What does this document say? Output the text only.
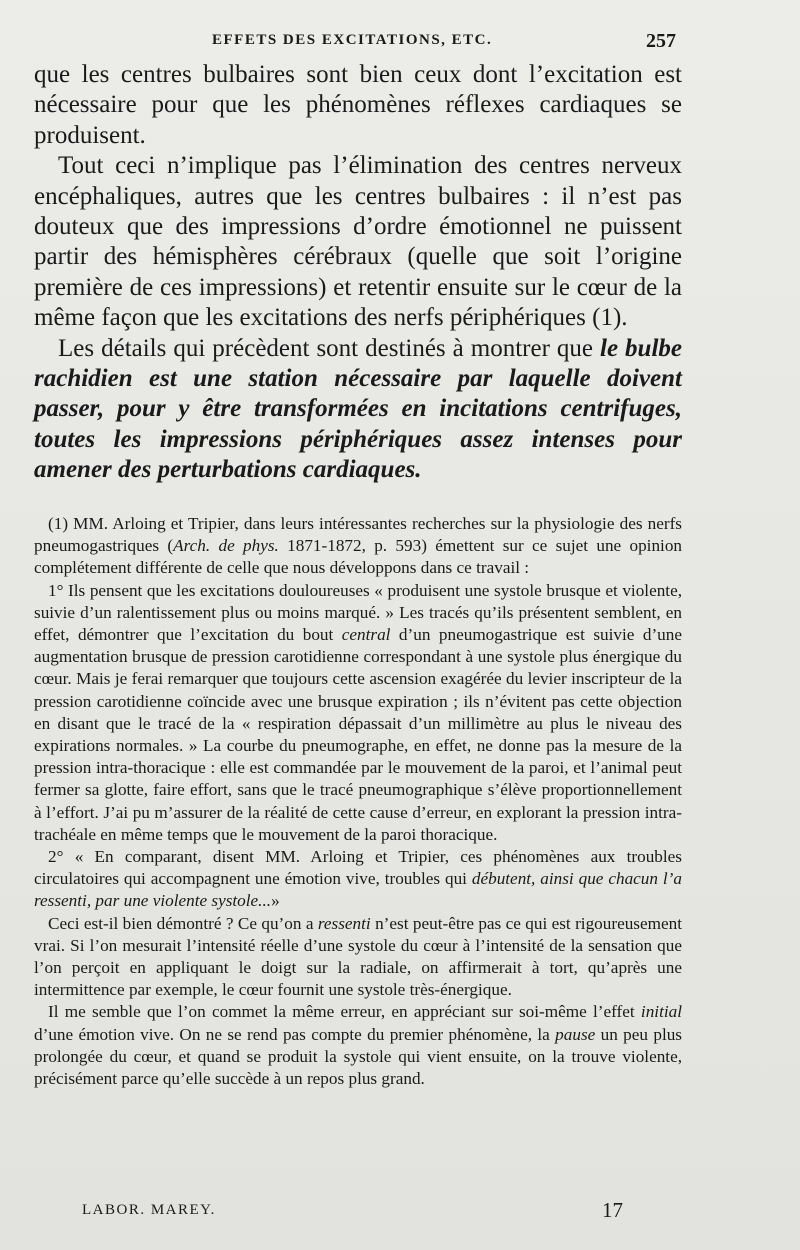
EFFETS DES EXCITATIONS, ETC.	257

que les centres bulbaires sont bien ceux dont l’excitation est nécessaire pour que les phénomènes réflexes cardiaques se produisent.

Tout ceci n’implique pas l’élimination des centres nerveux encéphaliques, autres que les centres bulbaires : il n’est pas douteux que des impressions d’ordre émotionnel ne puissent partir des hémisphères cérébraux (quelle que soit l’origine première de ces impressions) et retentir ensuite sur le cœur de la même façon que les excitations des nerfs périphériques (1).

Les détails qui précèdent sont destinés à montrer que le bulbe rachidien est une station nécessaire par laquelle doivent passer, pour y être transformées en incitations centrifuges, toutes les impressions périphériques assez intenses pour amener des perturbations cardiaques.

(1) MM. Arloing et Tripier, dans leurs intéressantes recherches sur la physiologie des nerfs pneumogastriques (Arch. de phys. 1871-1872, p. 593) émettent sur ce sujet une opinion complétement différente de celle que nous développons dans ce travail :

1° Ils pensent que les excitations douloureuses « produisent une systole brusque et violente, suivie d’un ralentissement plus ou moins marqué. » Les tracés qu’ils présentent semblent, en effet, démontrer que l’excitation du bout central d’un pneumogastrique est suivie d’une augmentation brusque de pression carotidienne correspondant à une systole plus énergique du cœur. Mais je ferai remarquer que toujours cette ascension exagérée du levier inscripteur de la pression carotidienne coïncide avec une brusque expiration ; ils n’évitent pas cette objection en disant que le tracé de la « respiration dépassait d’un millimètre au plus le niveau des expirations normales. » La courbe du pneumographe, en effet, ne donne pas la mesure de la pression intra-thoracique : elle est commandée par le mouvement de la paroi, et l’animal peut fermer sa glotte, faire effort, sans que le tracé pneumographique s’élève proportionnellement à l’effort. J’ai pu m’assurer de la réalité de cette cause d’erreur, en explorant la pression intra-trachéale en même temps que le mouvement de la paroi thoracique.

2° « En comparant, disent MM. Arloing et Tripier, ces phénomènes aux troubles circulatoires qui accompagnent une émotion vive, troubles qui débutent, ainsi que chacun l’a ressenti, par une violente systole...»

Ceci est-il bien démontré ? Ce qu’on a ressenti n’est peut-être pas ce qui est rigoureusement vrai. Si l’on mesurait l’intensité réelle d’une systole du cœur à l’intensité de la sensation que l’on perçoit en appliquant le doigt sur la radiale, on affirmerait à tort, qu’après une intermittence par exemple, le cœur fournit une systole très-énergique.

Il me semble que l’on commet la même erreur, en appréciant sur soi-même l’effet initial d’une émotion vive. On ne se rend pas compte du premier phénomène, la pause un peu plus prolongée du cœur, et quand se produit la systole qui vient ensuite, on la trouve violente, précisément parce qu’elle succède à un repos plus grand.

LABOR. MAREY.	17
